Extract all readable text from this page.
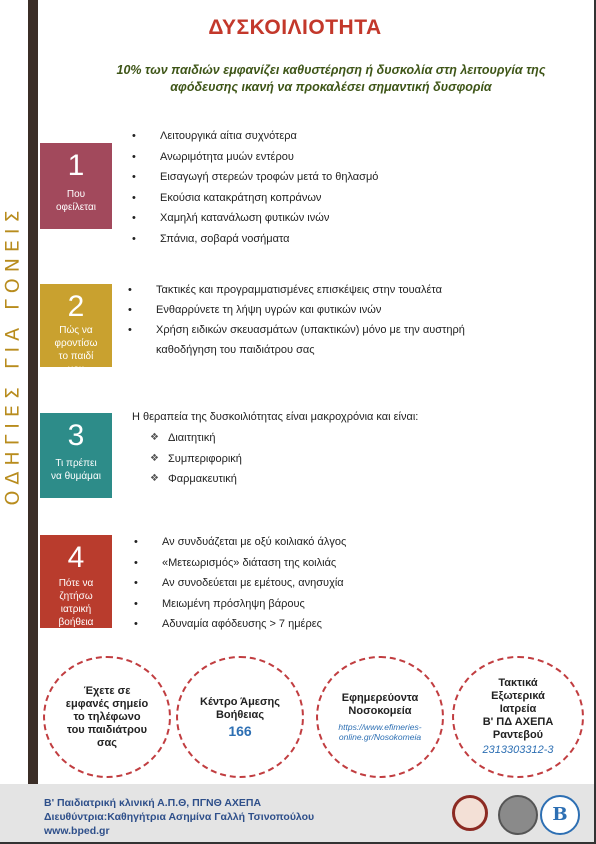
ΟΔΗΓΙΕΣ ΓΙΑ ΓΟΝΕΙΣ
ΔΥΣΚΟΙΛΙΟΤΗΤΑ
10% των παιδιών εμφανίζει καθυστέρηση ή δυσκολία στη λειτουργία της αφόδευσης ικανή να προκαλέσει σημαντική δυσφορία
1
Που οφείλεται
• Λειτουργικά αίτια συχνότερα
• Ανωριμότητα μυών εντέρου
• Εισαγωγή στερεών τροφών μετά το θηλασμό
• Εκούσια κατακράτηση κοπράνων
• Χαμηλή κατανάλωση φυτικών ινών
• Σπάνια, σοβαρά νοσήματα
2
Πώς να φροντίσω το παιδί μου
• Τακτικές και προγραμματισμένες επισκέψεις στην τουαλέτα
• Ενθαρρύνετε τη λήψη υγρών και φυτικών ινών
• Χρήση ειδικών σκευασμάτων (υπακτικών) μόνο με την αυστηρή καθοδήγηση του παιδιάτρου σας
3
Τι πρέπει να θυμάμαι
Η θεραπεία της δυσκοιλιότητας είναι μακροχρόνια και είναι:
❖ Διαιτητική
❖ Συμπεριφορική
❖ Φαρμακευτική
4
Πότε να ζητήσω ιατρική βοήθεια
• Αν συνδυάζεται με οξύ κοιλιακό άλγος
• «Μετεωρισμός» διάταση της κοιλιάς
• Αν συνοδεύεται με εμέτους, ανησυχία
• Μειωμένη πρόσληψη βάρους
• Αδυναμία αφόδευσης > 7 ημέρες
Έχετε σε
εμφανές σημείο
το τηλέφωνο
του παιδιάτρου
σας
Κέντρο Άμεσης
Βοήθειας
166
Εφημερεύοντα
Νοσοκομεία
https://www.efimeries-
online.gr/Nosokomeia
Τακτικά
Εξωτερικά
Ιατρεία
Β' ΠΔ ΑΧΕΠΑ
Ραντεβού
2313303312-3
Β' Παιδιατρική κλινική Α.Π.Θ, ΠΓΝΘ ΑΧΕΠΑ
Διευθύντρια:Καθηγήτρια Ασημίνα Γαλλή Τσινοπούλου
www.bped.gr
Β
